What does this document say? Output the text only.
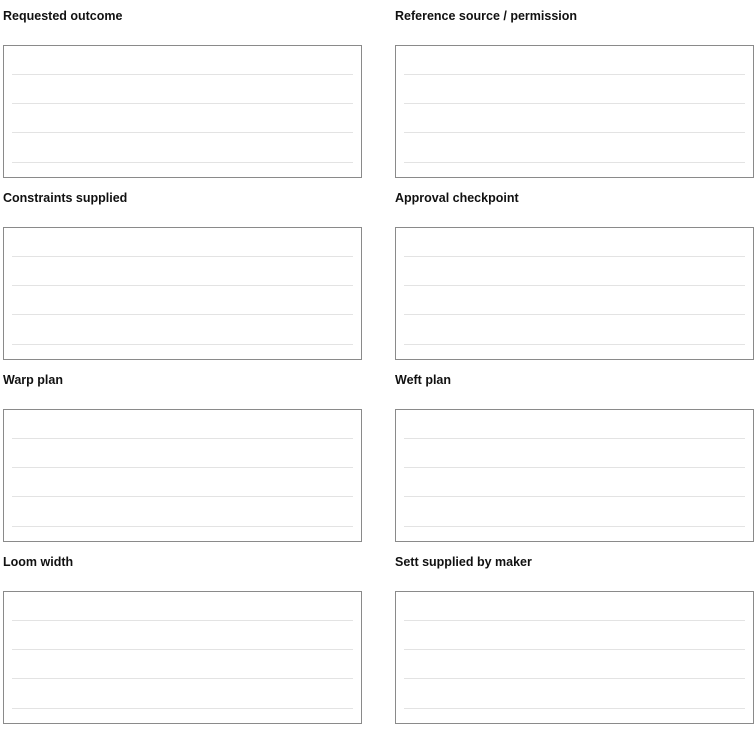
Requested outcome	Reference source / permission
Constraints supplied	Approval checkpoint
Warp plan	Weft plan
Loom width	Sett supplied by maker
